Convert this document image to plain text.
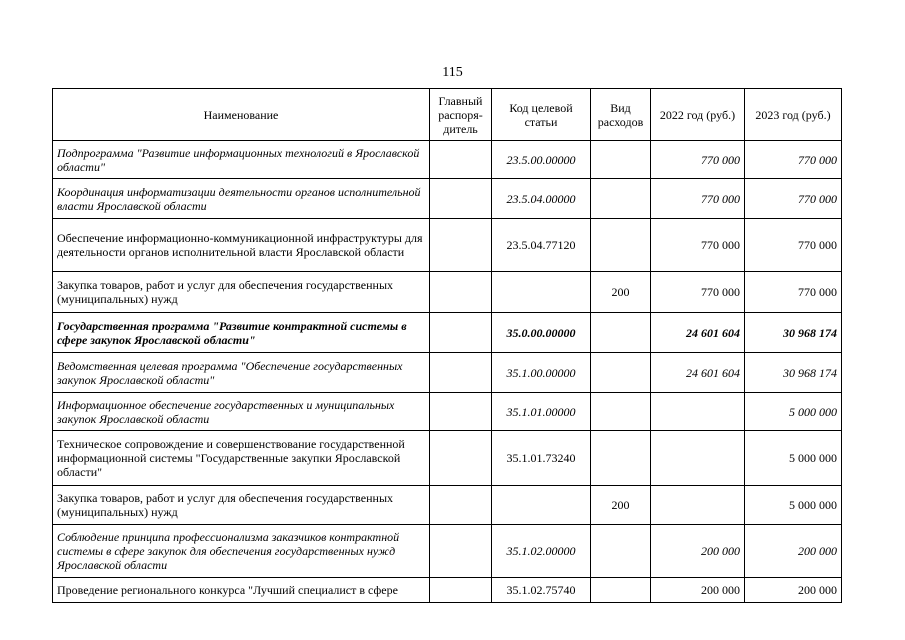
115
Наименование	Главный распоря-дитель	Код целевой статьи	Вид расходов	2022 год (руб.)	2023 год (руб.)
Подпрограмма "Развитие информационных технологий в Ярославской области"		23.5.00.00000		770 000	770 000
Координация информатизации деятельности органов исполнительной власти Ярославской области		23.5.04.00000		770 000	770 000
Обеспечение информационно-коммуникационной инфраструктуры для деятельности органов исполнительной власти Ярославской области		23.5.04.77120		770 000	770 000
Закупка товаров, работ и услуг для обеспечения государственных (муниципальных) нужд			200	770 000	770 000
Государственная программа "Развитие контрактной системы в сфере закупок Ярославской области"		35.0.00.00000		24 601 604	30 968 174
Ведомственная целевая программа "Обеспечение государственных закупок Ярославской области"		35.1.00.00000		24 601 604	30 968 174
Информационное обеспечение государственных и муниципальных закупок Ярославской области		35.1.01.00000			5 000 000
Техническое сопровождение и совершенствование государственной информационной системы "Государственные закупки Ярославской области"		35.1.01.73240			5 000 000
Закупка товаров, работ и услуг для обеспечения государственных (муниципальных) нужд			200		5 000 000
Соблюдение принципа профессионализма заказчиков контрактной системы в сфере закупок для обеспечения государственных нужд Ярославской области		35.1.02.00000		200 000	200 000
Проведение регионального конкурса "Лучший специалист в сфере		35.1.02.75740		200 000	200 000
